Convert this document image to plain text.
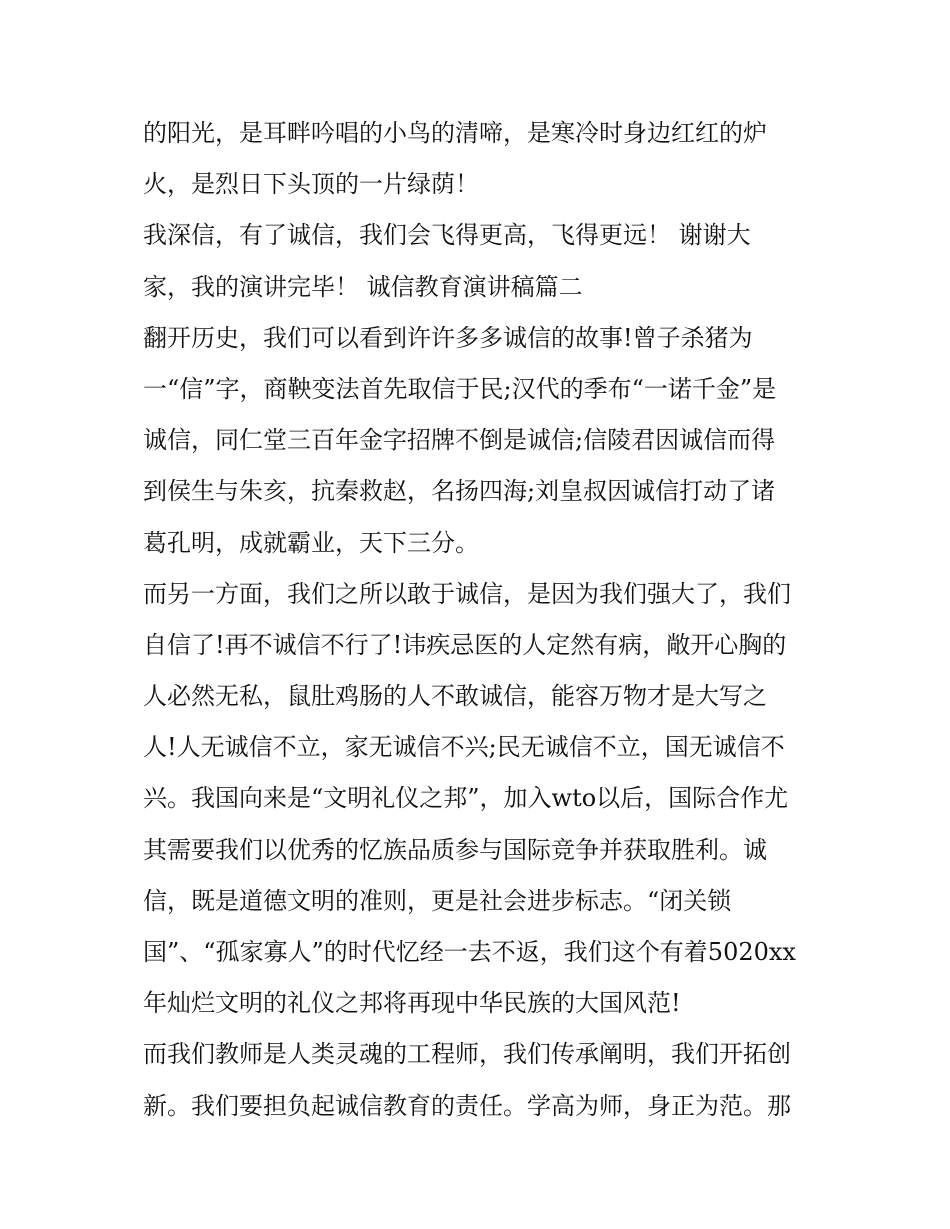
的阳光，是耳畔吟唱的小鸟的清啼，是寒冷时身边红红的炉
火，是烈日下头顶的一片绿荫！
我深信，有了诚信，我们会飞得更高，飞得更远！ 谢谢大
家，我的演讲完毕！ 诚信教育演讲稿篇二
翻开历史，我们可以看到许许多多诚信的故事!曾子杀猪为
一“信”字，商鞅变法首先取信于民;汉代的季布“一诺千金”是
诚信，同仁堂三百年金字招牌不倒是诚信;信陵君因诚信而得
到侯生与朱亥，抗秦救赵，名扬四海;刘皇叔因诚信打动了诸
葛孔明，成就霸业，天下三分。
而另一方面，我们之所以敢于诚信，是因为我们强大了，我们
自信了!再不诚信不行了!讳疾忌医的人定然有病，敞开心胸的
人必然无私，鼠肚鸡肠的人不敢诚信，能容万物才是大写之
人!人无诚信不立，家无诚信不兴;民无诚信不立，国无诚信不
兴。我国向来是“文明礼仪之邦”，加入wto以后，国际合作尤
其需要我们以优秀的忆族品质参与国际竞争并获取胜利。诚
信，既是道德文明的准则，更是社会进步标志。“闭关锁
国”、“孤家寡人”的时代忆经一去不返，我们这个有着5020xx
年灿烂文明的礼仪之邦将再现中华民族的大国风范!
而我们教师是人类灵魂的工程师，我们传承阐明，我们开拓创
新。我们要担负起诚信教育的责任。学高为师，身正为范。那
